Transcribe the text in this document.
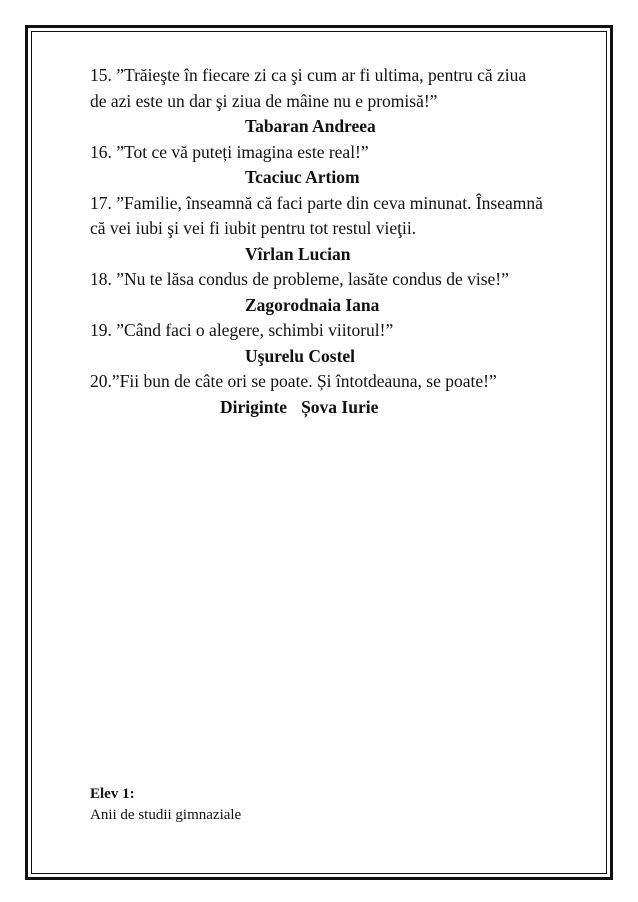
15. ”Trăieşte în fiecare zi ca şi cum ar fi ultima, pentru că ziua

de azi este un dar şi ziua de mâine nu e promisă!”

Tabaran Andreea

16. ”Tot ce vă puteți imagina este real!”

Tcaciuc Artiom

17. ”Familie, înseamnă că faci parte din ceva minunat. Înseamnă

că vei iubi şi vei fi iubit pentru tot restul vieţii.

Vîrlan Lucian

18. ”Nu te lăsa condus de probleme, lasăte condus de vise!”

Zagorodnaia Iana

19. ”Când faci o alegere, schimbi viitorul!”

Uşurelu Costel

20.”Fii bun de câte ori se poate. Și întotdeauna, se poate!”

Diriginte Șova Iurie

Elev 1:

Anii de studii gimnaziale
